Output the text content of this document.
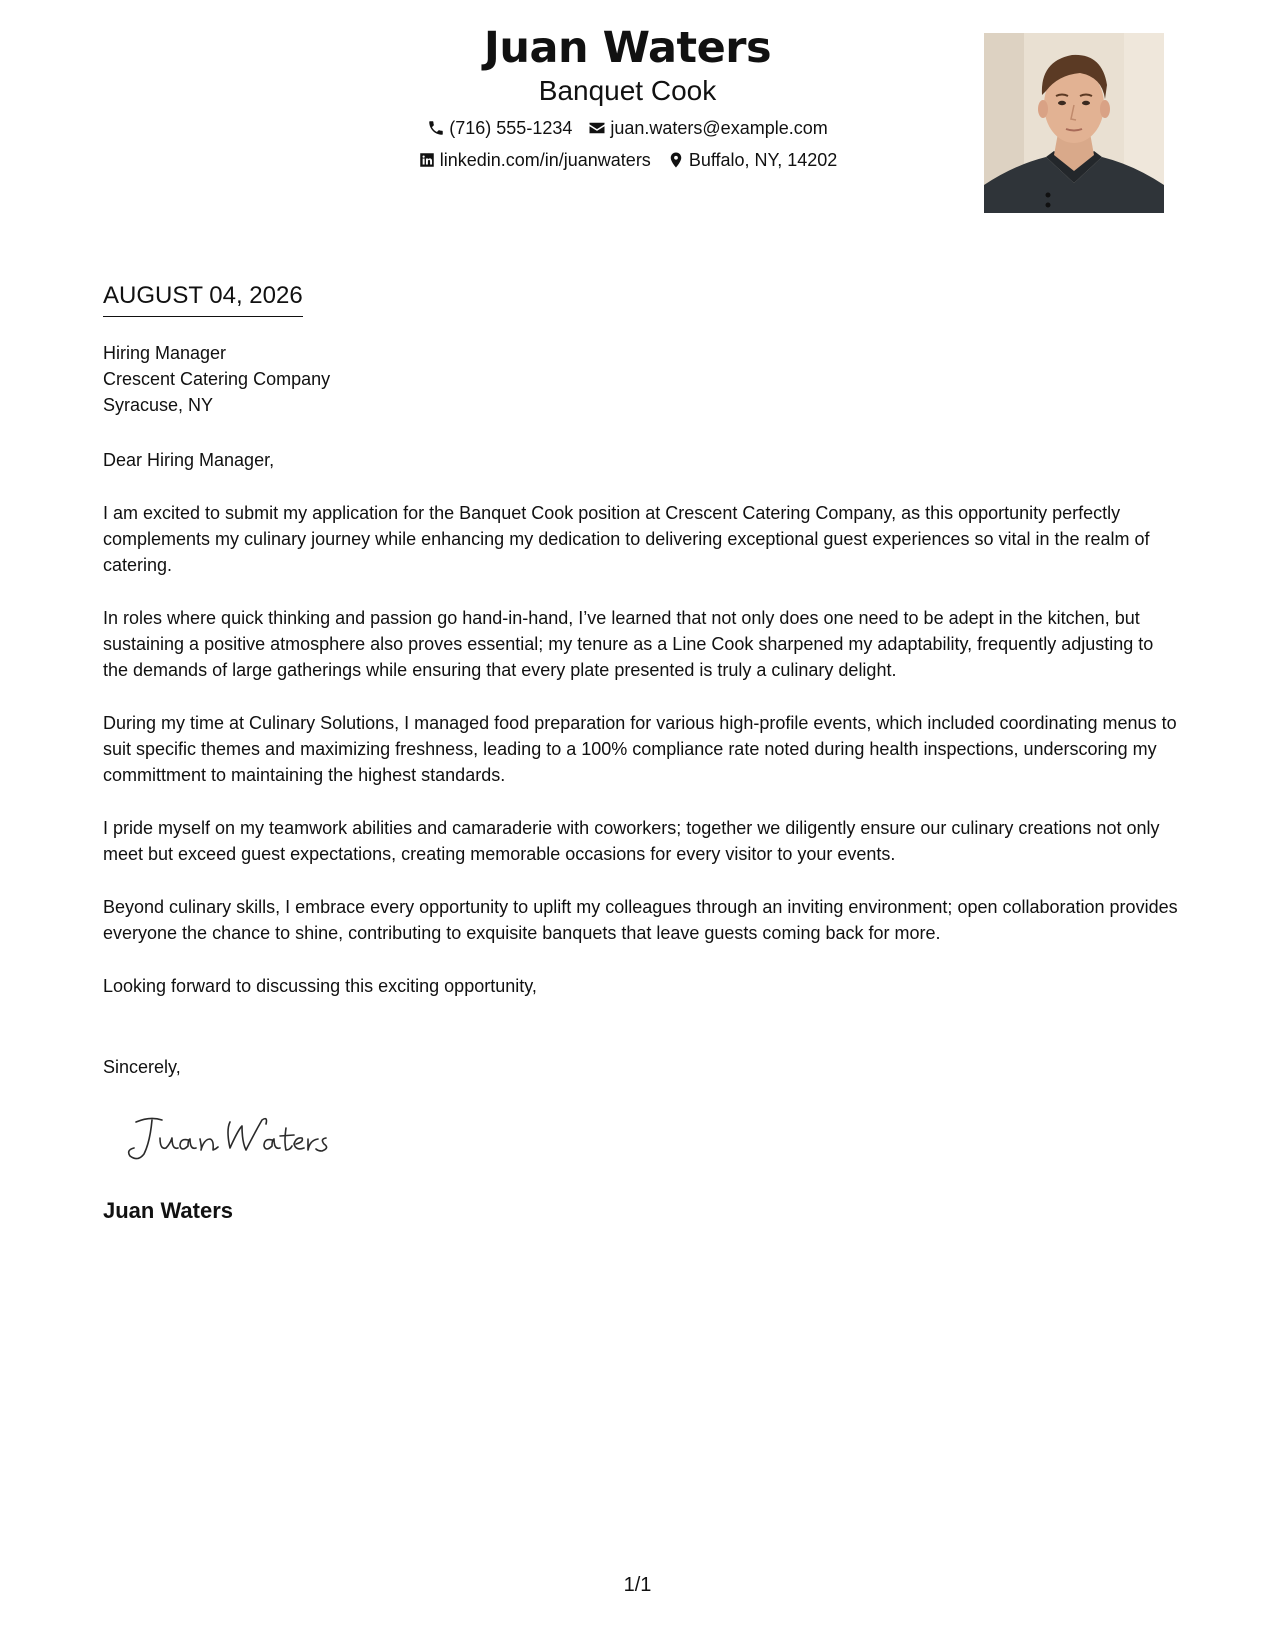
Juan Waters
Banquet Cook
(716) 555-1234 juan.waters@example.com
linkedin.com/in/juanwaters Buffalo, NY, 14202
AUGUST 04, 2026
Hiring Manager
Crescent Catering Company
Syracuse, NY

Dear Hiring Manager,

I am excited to submit my application for the Banquet Cook position at Crescent Catering Company, as this opportunity perfectly complements my culinary journey while enhancing my dedication to delivering exceptional guest experiences so vital in the realm of catering.

In roles where quick thinking and passion go hand-in-hand, I’ve learned that not only does one need to be adept in the kitchen, but sustaining a positive atmosphere also proves essential; my tenure as a Line Cook sharpened my adaptability, frequently adjusting to the demands of large gatherings while ensuring that every plate presented is truly a culinary delight.

During my time at Culinary Solutions, I managed food preparation for various high-profile events, which included coordinating menus to suit specific themes and maximizing freshness, leading to a 100% compliance rate noted during health inspections, underscoring my committment to maintaining the highest standards.

I pride myself on my teamwork abilities and camaraderie with coworkers; together we diligently ensure our culinary creations not only meet but exceed guest expectations, creating memorable occasions for every visitor to your events.

Beyond culinary skills, I embrace every opportunity to uplift my colleagues through an inviting environment; open collaboration provides everyone the chance to shine, contributing to exquisite banquets that leave guests coming back for more.

Looking forward to discussing this exciting opportunity,

Sincerely,
Juan Waters
1/1
